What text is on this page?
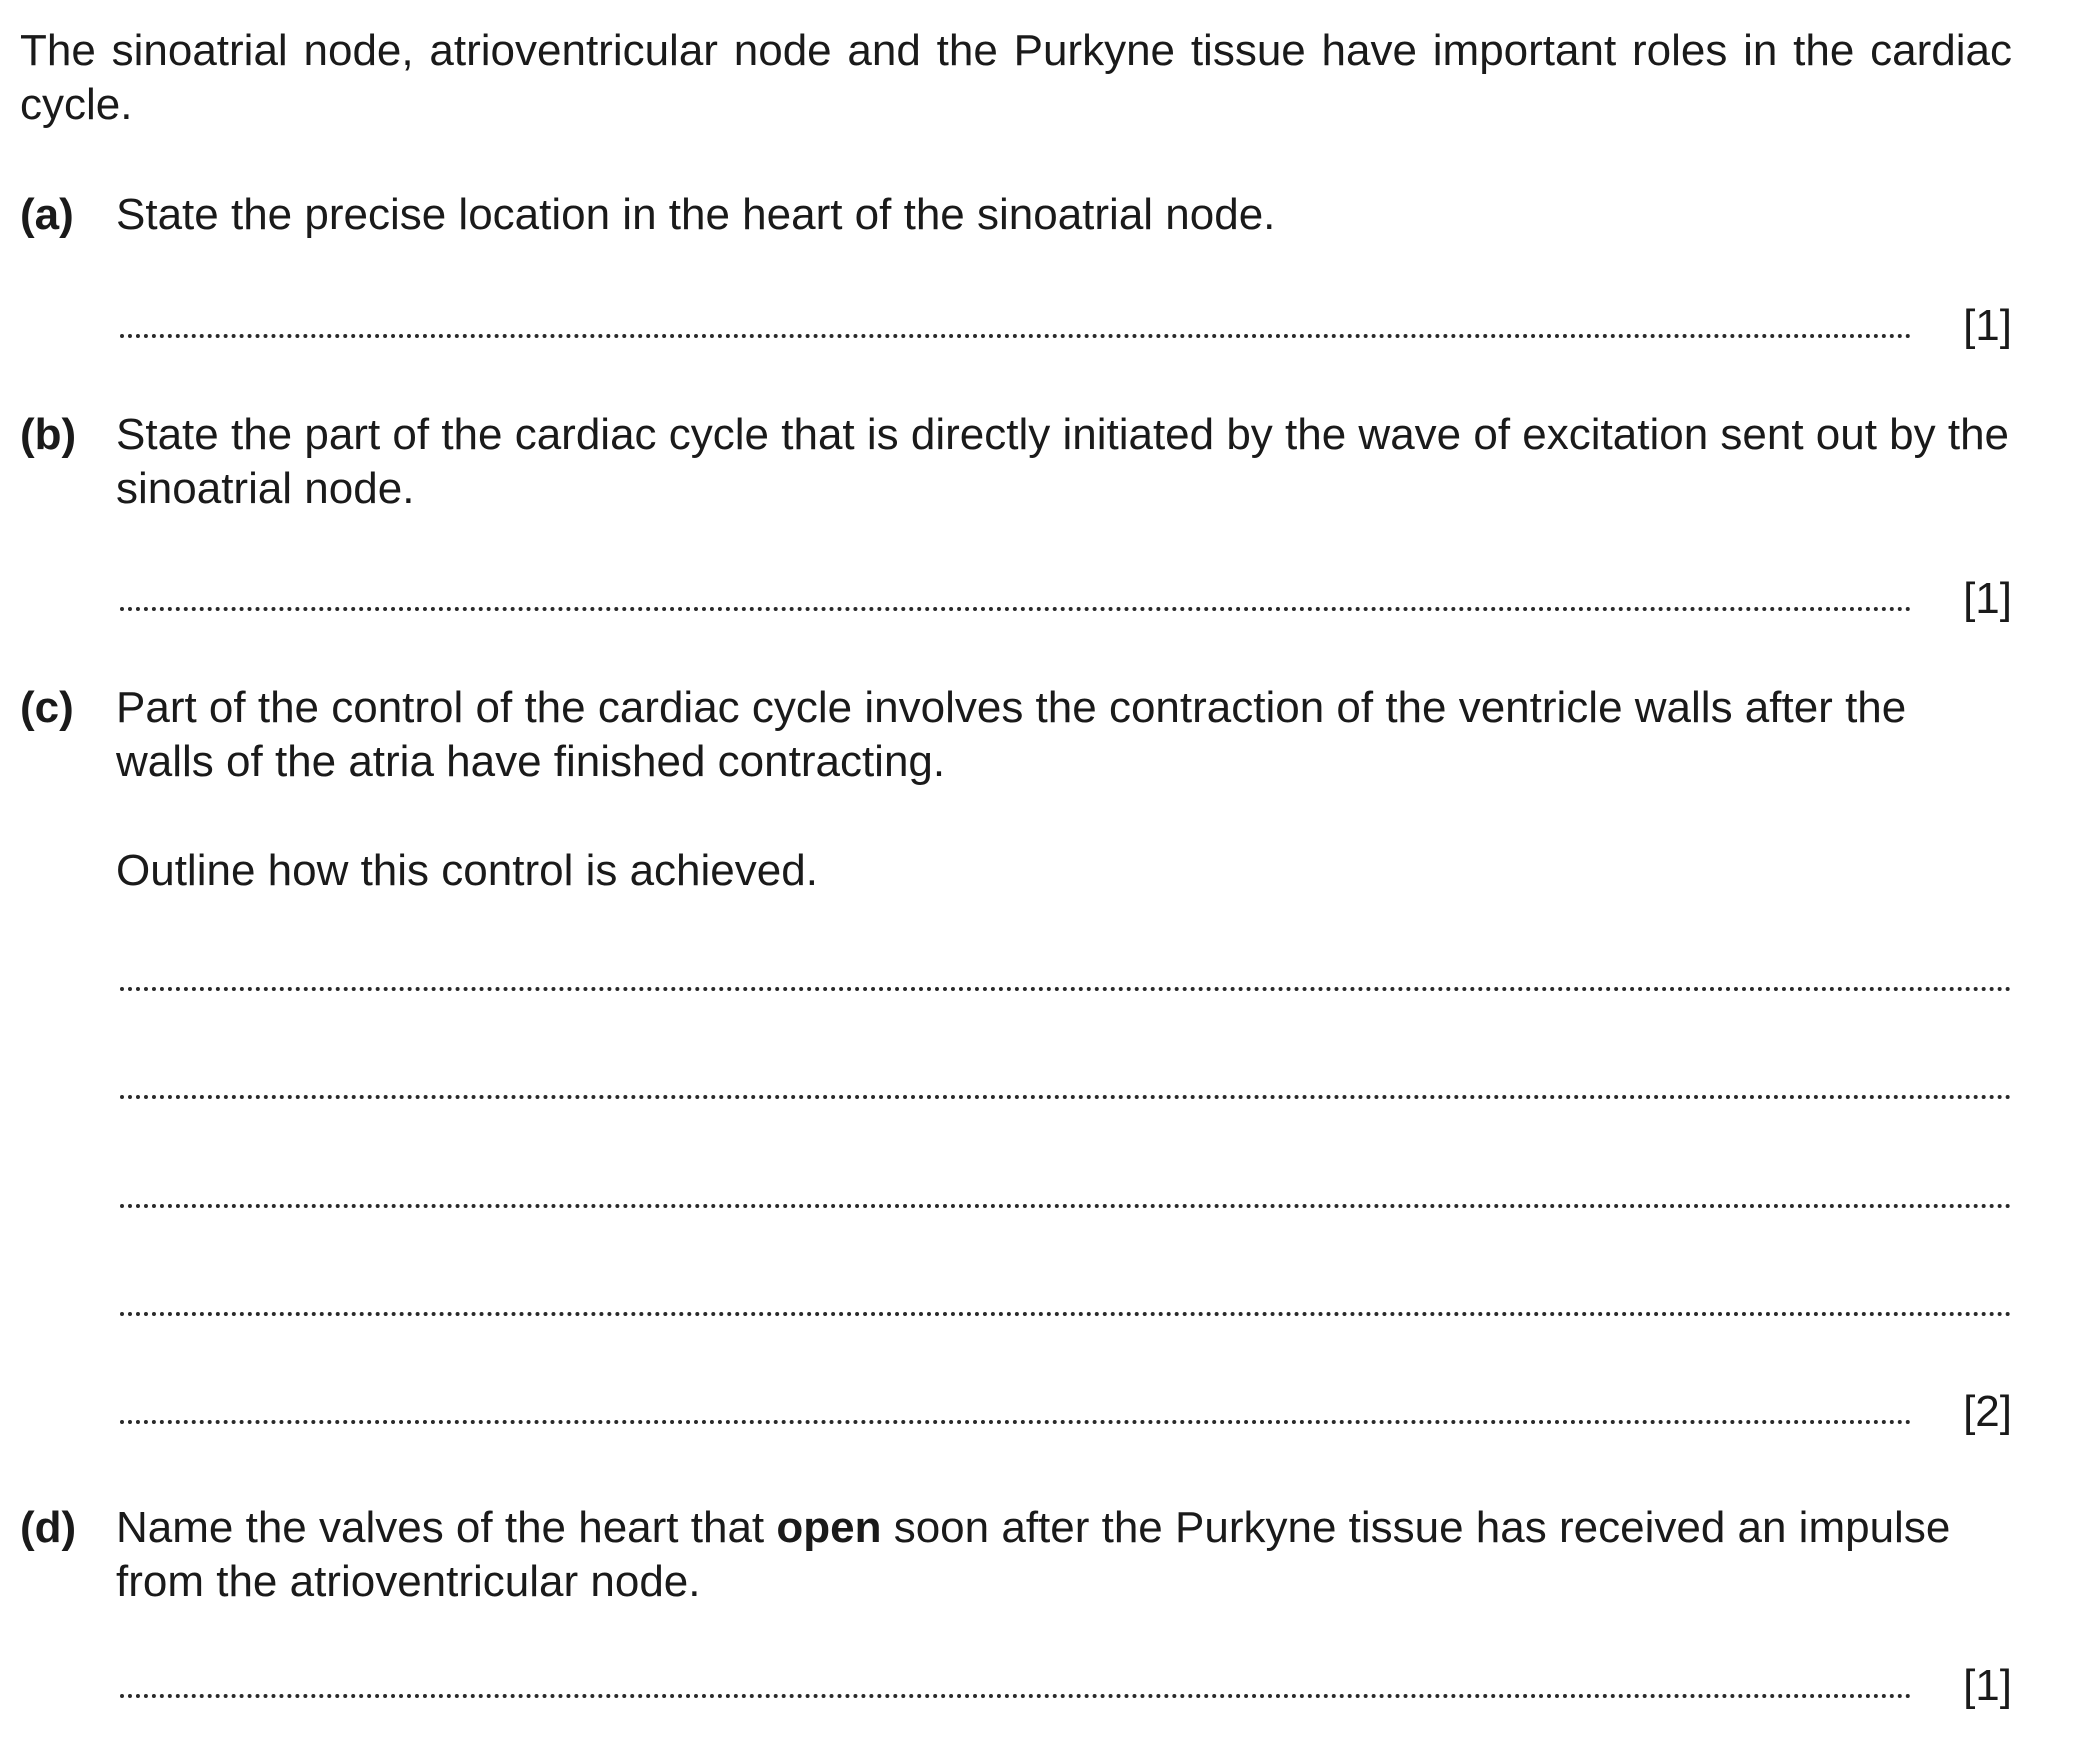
The sinoatrial node, atrioventricular node and the Purkyne tissue have important roles in the cardiac cycle.
(a) State the precise location in the heart of the sinoatrial node.
[1]
(b) State the part of the cardiac cycle that is directly initiated by the wave of excitation sent out by the sinoatrial node.
[1]
(c) Part of the control of the cardiac cycle involves the contraction of the ventricle walls after the walls of the atria have finished contracting.
Outline how this control is achieved.
[2]
(d) Name the valves of the heart that open soon after the Purkyne tissue has received an impulse from the atrioventricular node.
[1]
